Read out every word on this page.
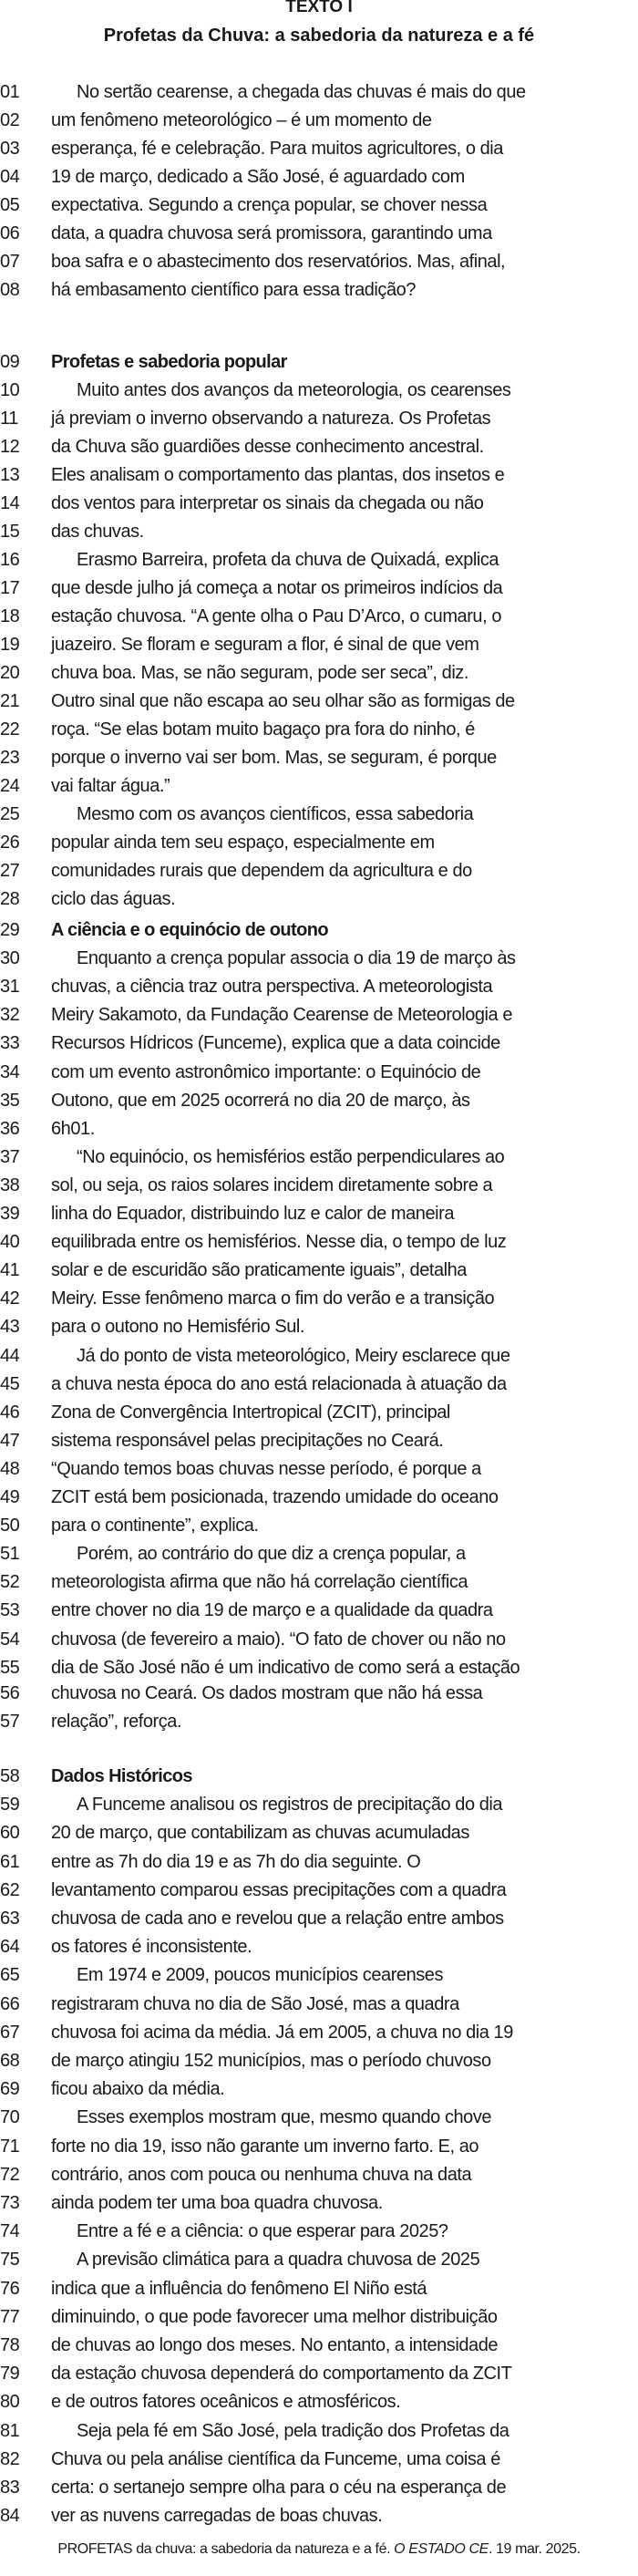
TEXTO I
Profetas da Chuva: a sabedoria da natureza e a fé
01	No sertão cearense, a chegada das chuvas é mais do que
02	um fenômeno meteorológico – é um momento de
03	esperança, fé e celebração. Para muitos agricultores, o dia
04	19 de março, dedicado a São José, é aguardado com
05	expectativa. Segundo a crença popular, se chover nessa
06	data, a quadra chuvosa será promissora, garantindo uma
07	boa safra e o abastecimento dos reservatórios. Mas, afinal,
08	há embasamento científico para essa tradição?
09	Profetas e sabedoria popular
10	Muito antes dos avanços da meteorologia, os cearenses
11	já previam o inverno observando a natureza. Os Profetas
12	da Chuva são guardiões desse conhecimento ancestral.
13	Eles analisam o comportamento das plantas, dos insetos e
14	dos ventos para interpretar os sinais da chegada ou não
15	das chuvas.
16	Erasmo Barreira, profeta da chuva de Quixadá, explica
17	que desde julho já começa a notar os primeiros indícios da
18	estação chuvosa. “A gente olha o Pau D’Arco, o cumaru, o
19	juazeiro. Se floram e seguram a flor, é sinal de que vem
20	chuva boa. Mas, se não seguram, pode ser seca”, diz.
21	Outro sinal que não escapa ao seu olhar são as formigas de
22	roça. “Se elas botam muito bagaço pra fora do ninho, é
23	porque o inverno vai ser bom. Mas, se seguram, é porque
24	vai faltar água.”
25	Mesmo com os avanços científicos, essa sabedoria
26	popular ainda tem seu espaço, especialmente em
27	comunidades rurais que dependem da agricultura e do
28	ciclo das águas.
29	A ciência e o equinócio de outono
30	Enquanto a crença popular associa o dia 19 de março às
31	chuvas, a ciência traz outra perspectiva. A meteorologista
32	Meiry Sakamoto, da Fundação Cearense de Meteorologia e
33	Recursos Hídricos (Funceme), explica que a data coincide
34	com um evento astronômico importante: o Equinócio de
35	Outono, que em 2025 ocorrerá no dia 20 de março, às
36	6h01.
37	“No equinócio, os hemisférios estão perpendiculares ao
38	sol, ou seja, os raios solares incidem diretamente sobre a
39	linha do Equador, distribuindo luz e calor de maneira
40	equilibrada entre os hemisférios. Nesse dia, o tempo de luz
41	solar e de escuridão são praticamente iguais”, detalha
42	Meiry. Esse fenômeno marca o fim do verão e a transição
43	para o outono no Hemisfério Sul.
44	Já do ponto de vista meteorológico, Meiry esclarece que
45	a chuva nesta época do ano está relacionada à atuação da
46	Zona de Convergência Intertropical (ZCIT), principal
47	sistema responsável pelas precipitações no Ceará.
48	“Quando temos boas chuvas nesse período, é porque a
49	ZCIT está bem posicionada, trazendo umidade do oceano
50	para o continente”, explica.
51	Porém, ao contrário do que diz a crença popular, a
52	meteorologista afirma que não há correlação científica
53	entre chover no dia 19 de março e a qualidade da quadra
54	chuvosa (de fevereiro a maio). “O fato de chover ou não no
55	dia de São José não é um indicativo de como será a estação
56	chuvosa no Ceará. Os dados mostram que não há essa
57	relação”, reforça.
58	Dados Históricos
59	A Funceme analisou os registros de precipitação do dia
60	20 de março, que contabilizam as chuvas acumuladas
61	entre as 7h do dia 19 e as 7h do dia seguinte. O
62	levantamento comparou essas precipitações com a quadra
63	chuvosa de cada ano e revelou que a relação entre ambos
64	os fatores é inconsistente.
65	Em 1974 e 2009, poucos municípios cearenses
66	registraram chuva no dia de São José, mas a quadra
67	chuvosa foi acima da média. Já em 2005, a chuva no dia 19
68	de março atingiu 152 municípios, mas o período chuvoso
69	ficou abaixo da média.
70	Esses exemplos mostram que, mesmo quando chove
71	forte no dia 19, isso não garante um inverno farto. E, ao
72	contrário, anos com pouca ou nenhuma chuva na data
73	ainda podem ter uma boa quadra chuvosa.
74	Entre a fé e a ciência: o que esperar para 2025?
75	A previsão climática para a quadra chuvosa de 2025
76	indica que a influência do fenômeno El Niño está
77	diminuindo, o que pode favorecer uma melhor distribuição
78	de chuvas ao longo dos meses. No entanto, a intensidade
79	da estação chuvosa dependerá do comportamento da ZCIT
80	e de outros fatores oceânicos e atmosféricos.
81	Seja pela fé em São José, pela tradição dos Profetas da
82	Chuva ou pela análise científica da Funceme, uma coisa é
83	certa: o sertanejo sempre olha para o céu na esperança de
84	ver as nuvens carregadas de boas chuvas.
PROFETAS da chuva: a sabedoria da natureza e a fé. O ESTADO CE. 19 mar. 2025.
